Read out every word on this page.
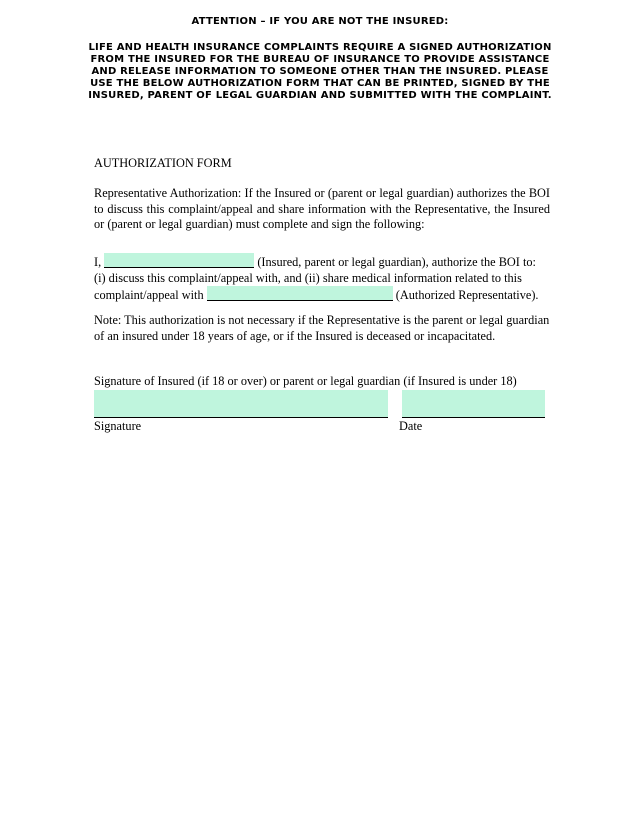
ATTENTION – IF YOU ARE NOT THE INSURED:
LIFE AND HEALTH INSURANCE COMPLAINTS REQUIRE A SIGNED AUTHORIZATION FROM THE INSURED FOR THE BUREAU OF INSURANCE TO PROVIDE ASSISTANCE AND RELEASE INFORMATION TO SOMEONE OTHER THAN THE INSURED. PLEASE USE THE BELOW AUTHORIZATION FORM THAT CAN BE PRINTED, SIGNED BY THE INSURED, PARENT OF LEGAL GUARDIAN AND SUBMITTED WITH THE COMPLAINT.
AUTHORIZATION FORM
Representative Authorization: If the Insured or (parent or legal guardian) authorizes the BOI to discuss this complaint/appeal and share information with the Representative, the Insured or (parent or legal guardian) must complete and sign the following:
I,	(Insured, parent or legal guardian), authorize the BOI to:
(i) discuss this complaint/appeal with, and (ii) share medical information related to this
complaint/appeal with	(Authorized Representative).
Note: This authorization is not necessary if the Representative is the parent or legal guardian of an insured under 18 years of age, or if the Insured is deceased or incapacitated.
Signature of Insured (if 18 or over) or parent or legal guardian (if Insured is under 18)
Signature	Date
